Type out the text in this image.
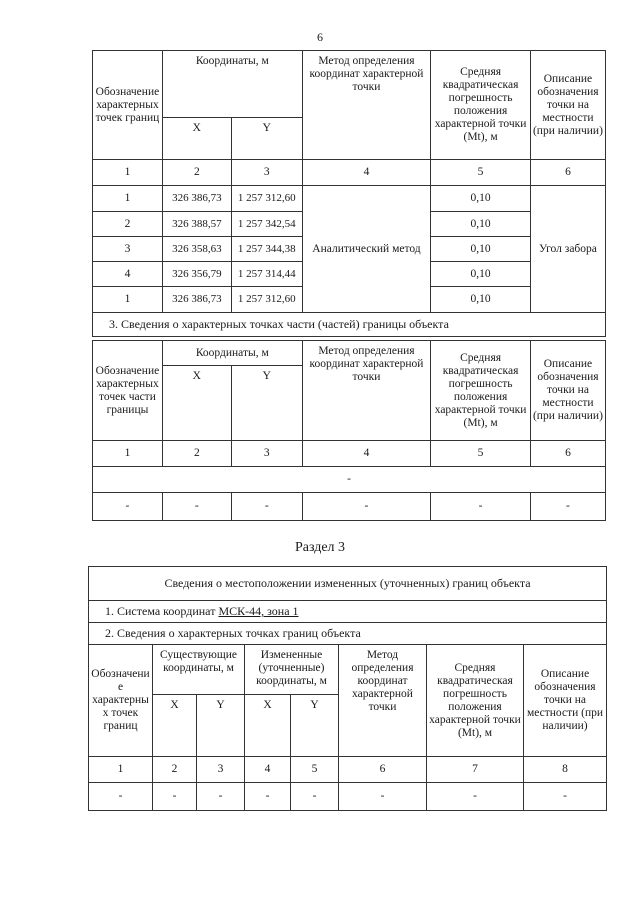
6
Обозначение характерных точек границ	Координаты, м		Метод определения координат характерной точки	Средняя квадратическая погрешность положения характерной точки (Mt), м	Описание обозначения точки на местности (при наличии)
	X	Y			
1	2	3	4	5	6
1	326 386,73	1 257 312,60	Аналитический метод	0,10	Угол забора
2	326 388,57	1 257 342,54		0,10	
3	326 358,63	1 257 344,38		0,10	
4	326 356,79	1 257 314,44		0,10	
1	326 386,73	1 257 312,60		0,10	
3. Сведения о характерных точках части (частей) границы объекта					
Обозначение характерных точек части границы	Координаты, м		Метод определения координат характерной точки	Средняя квадратическая погрешность положения характерной точки (Mt), м	Описание обозначения точки на местности (при наличии)
	X	Y			
1	2	3	4	5	6
-					
-	-	-	-	-	-
Раздел 3
Сведения о местоположении измененных (уточненных) границ объекта							
1. Система координат МСК-44, зона 1							
2. Сведения о характерных точках границ объекта							
Обозначение характерных точек границ	Существующие координаты, м		Измененные (уточненные) координаты, м		Метод определения координат характерной точки	Средняя квадратическая погрешность положения характерной точки (Mt), м	Описание обозначения точки на местности (при наличии)
	X	Y	X	Y			
1	2	3	4	5	6	7	8
-	-	-	-	-	-	-	-
